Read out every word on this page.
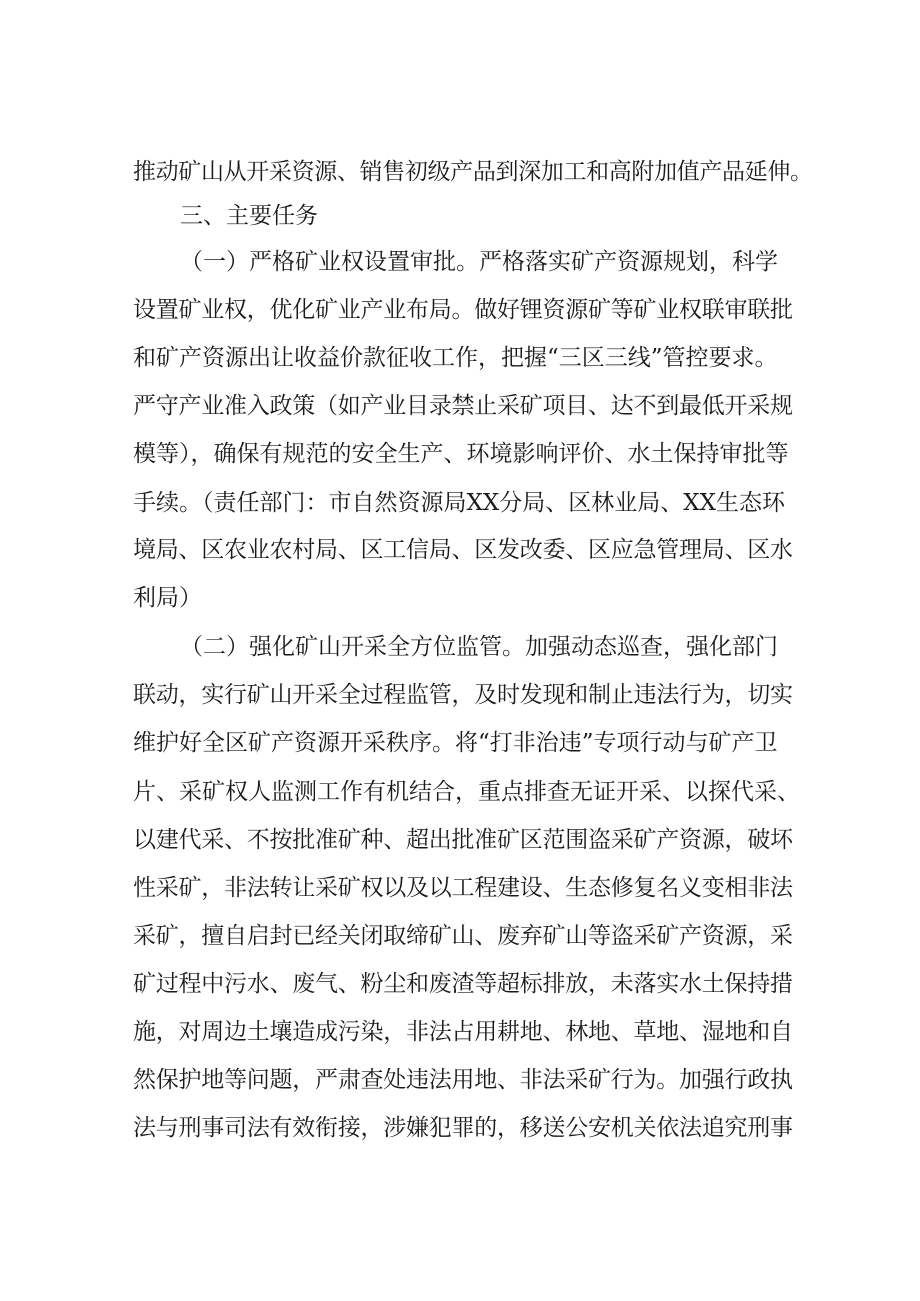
推动矿山从开采资源、销售初级产品到深加工和高附加值产品延伸。
三、主要任务
（一）严格矿业权设置审批。严格落实矿产资源规划，科学
设置矿业权，优化矿业产业布局。做好锂资源矿等矿业权联审联批
和矿产资源出让收益价款征收工作，把握“三区三线”管控要求。
严守产业准入政策（如产业目录禁止采矿项目、达不到最低开采规
模等），确保有规范的安全生产、环境影响评价、水土保持审批等
手续。（责任部门：市自然资源局XX分局、区林业局、XX生态环
境局、区农业农村局、区工信局、区发改委、区应急管理局、区水
利局）
（二）强化矿山开采全方位监管。加强动态巡查，强化部门
联动，实行矿山开采全过程监管，及时发现和制止违法行为，切实
维护好全区矿产资源开采秩序。将“打非治违”专项行动与矿产卫
片、采矿权人监测工作有机结合，重点排查无证开采、以探代采、
以建代采、不按批准矿种、超出批准矿区范围盗采矿产资源，破坏
性采矿，非法转让采矿权以及以工程建设、生态修复名义变相非法
采矿，擅自启封已经关闭取缔矿山、废弃矿山等盗采矿产资源，采
矿过程中污水、废气、粉尘和废渣等超标排放，未落实水土保持措
施，对周边土壤造成污染，非法占用耕地、林地、草地、湿地和自
然保护地等问题，严肃查处违法用地、非法采矿行为。加强行政执
法与刑事司法有效衔接，涉嫌犯罪的，移送公安机关依法追究刑事
